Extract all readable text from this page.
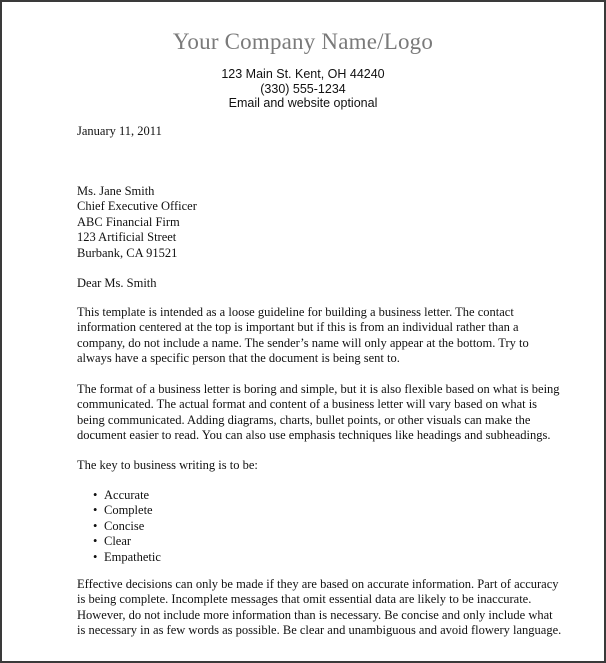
Your Company Name/Logo
123 Main St. Kent, OH 44240
(330) 555-1234
Email and website optional
January 11, 2011
Ms. Jane Smith
Chief Executive Officer
ABC Financial Firm
123 Artificial Street
Burbank, CA 91521
Dear Ms. Smith
This template is intended as a loose guideline for building a business letter. The contact
information centered at the top is important but if this is from an individual rather than a
company, do not include a name. The sender’s name will only appear at the bottom. Try to
always have a specific person that the document is being sent to.
The format of a business letter is boring and simple, but it is also flexible based on what is being
communicated. The actual format and content of a business letter will vary based on what is
being communicated. Adding diagrams, charts, bullet points, or other visuals can make the
document easier to read. You can also use emphasis techniques like headings and subheadings.
The key to business writing is to be:
• Accurate
• Complete
• Concise
• Clear
• Empathetic
Effective decisions can only be made if they are based on accurate information. Part of accuracy
is being complete. Incomplete messages that omit essential data are likely to be inaccurate.
However, do not include more information than is necessary. Be concise and only include what
is necessary in as few words as possible. Be clear and unambiguous and avoid flowery language.
